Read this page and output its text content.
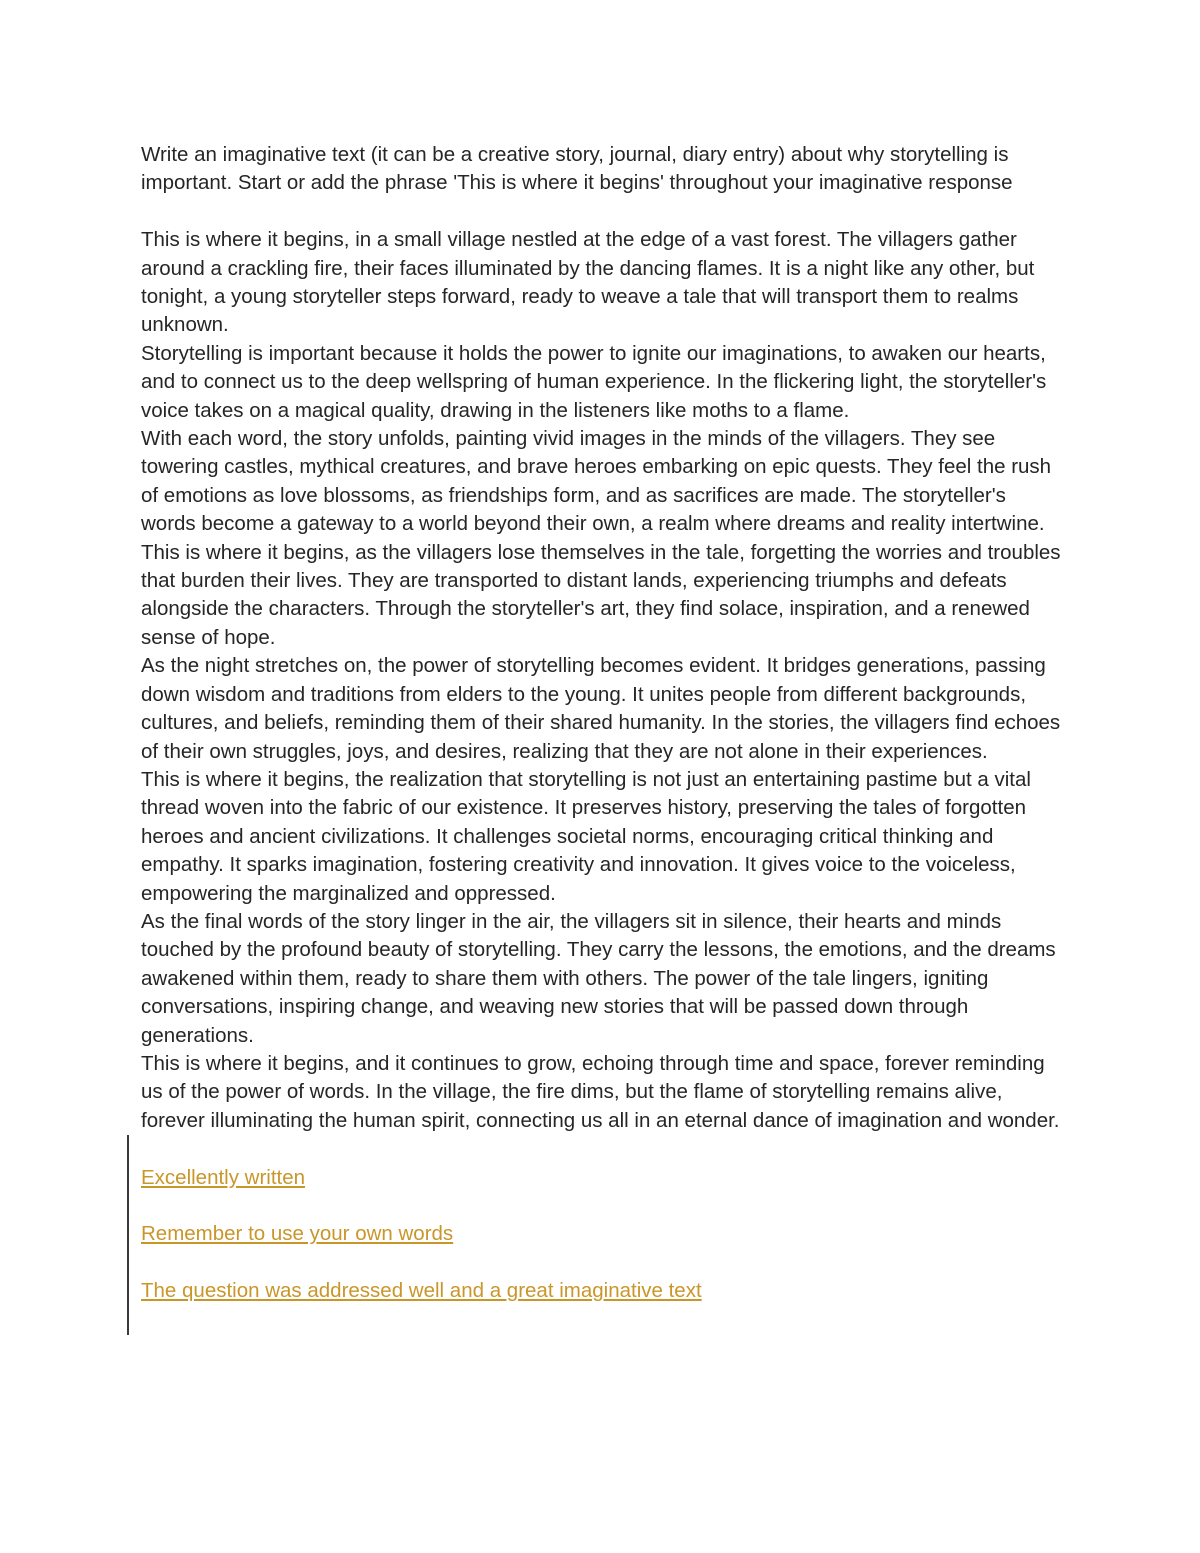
Write an imaginative text (it can be a creative story, journal, diary entry) about why storytelling is important. Start or add the phrase 'This is where it begins' throughout your imaginative response

This is where it begins, in a small village nestled at the edge of a vast forest. The villagers gather around a crackling fire, their faces illuminated by the dancing flames. It is a night like any other, but tonight, a young storyteller steps forward, ready to weave a tale that will transport them to realms unknown.

Storytelling is important because it holds the power to ignite our imaginations, to awaken our hearts, and to connect us to the deep wellspring of human experience. In the flickering light, the storyteller's voice takes on a magical quality, drawing in the listeners like moths to a flame.

With each word, the story unfolds, painting vivid images in the minds of the villagers. They see towering castles, mythical creatures, and brave heroes embarking on epic quests. They feel the rush of emotions as love blossoms, as friendships form, and as sacrifices are made. The storyteller's words become a gateway to a world beyond their own, a realm where dreams and reality intertwine.

This is where it begins, as the villagers lose themselves in the tale, forgetting the worries and troubles that burden their lives. They are transported to distant lands, experiencing triumphs and defeats alongside the characters. Through the storyteller's art, they find solace, inspiration, and a renewed sense of hope.

As the night stretches on, the power of storytelling becomes evident. It bridges generations, passing down wisdom and traditions from elders to the young. It unites people from different backgrounds, cultures, and beliefs, reminding them of their shared humanity. In the stories, the villagers find echoes of their own struggles, joys, and desires, realizing that they are not alone in their experiences.

This is where it begins, the realization that storytelling is not just an entertaining pastime but a vital thread woven into the fabric of our existence. It preserves history, preserving the tales of forgotten heroes and ancient civilizations. It challenges societal norms, encouraging critical thinking and empathy. It sparks imagination, fostering creativity and innovation. It gives voice to the voiceless, empowering the marginalized and oppressed.

As the final words of the story linger in the air, the villagers sit in silence, their hearts and minds touched by the profound beauty of storytelling. They carry the lessons, the emotions, and the dreams awakened within them, ready to share them with others. The power of the tale lingers, igniting conversations, inspiring change, and weaving new stories that will be passed down through generations.

This is where it begins, and it continues to grow, echoing through time and space, forever reminding us of the power of words. In the village, the fire dims, but the flame of storytelling remains alive, forever illuminating the human spirit, connecting us all in an eternal dance of imagination and wonder.

Excellently written
Remember to use your own words
The question was addressed well and a great imaginative text
